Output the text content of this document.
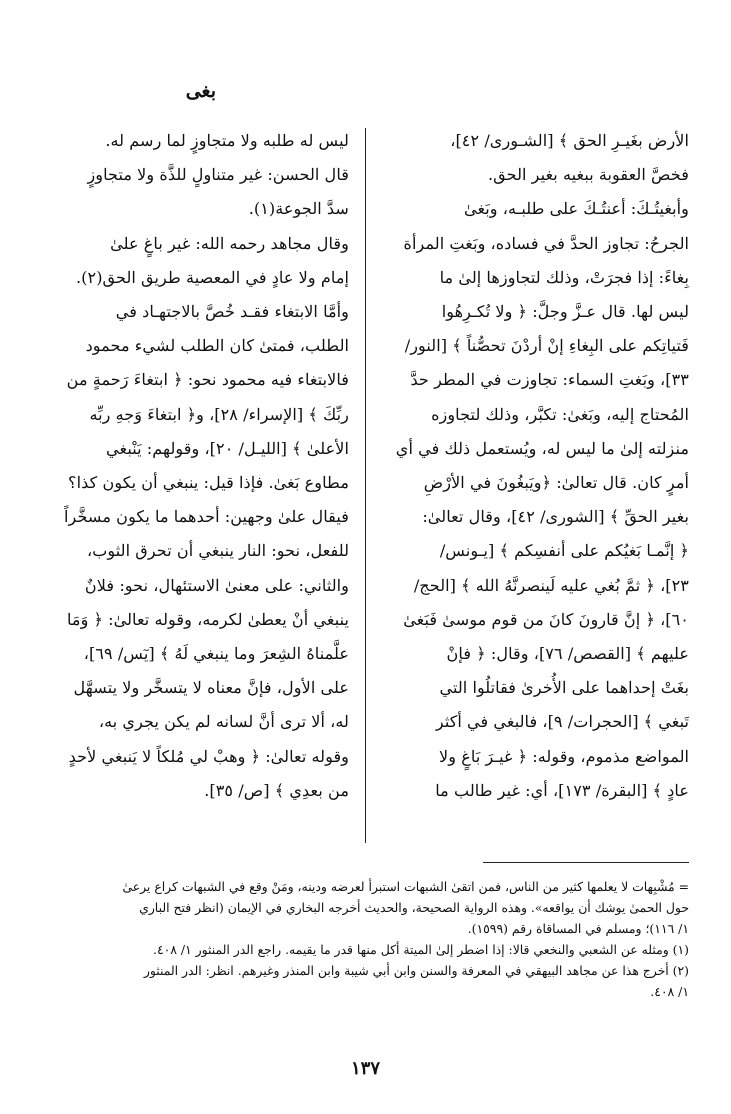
بغى
الأرض بغَيـرِ الحق ﴾ [الشـورى/ ٤٢]،
فخصَّ العقوبة ببغيه بغير الحق.
وأبغيتُـكَ: أعنتُـكَ على طلبـه، وبَغىٰ
الجرحُ: تجاوز الحدَّ في فساده، وبَغتِ المرأة
بِغاءً: إذا فجرَتْ، وذلك لتجاوزها إلىٰ ما
ليس لها. قال عـزَّ وجلَّ: ﴿ ولا تُكـرِهُوا
فَتياتِكم على البِغاءِ إنْ أردْنَ تحصُّناً ﴾ [النور/
٣٣]، وبَغتِ السماء: تجاوزت في المطر حدَّ
المُحتاج إليه، وبَغىٰ: تكبَّر، وذلك لتجاوزه
منزلته إلىٰ ما ليس له، ويُستعمل ذلك في أي
أمرٍ كان. قال تعالىٰ: ﴿ويَبغُونَ في الأرْضِ
بغير الحقِّ ﴾ [الشورى/ ٤٢]، وقال تعالىٰ:
﴿ إنَّمـا بَغيُكم على أنفسِكم ﴾ [يـونس/
٢٣]، ﴿ ثمَّ بُغي عليه لَينصرنَّهُ الله ﴾ [الحج/
٦٠]، ﴿ إنَّ قارونَ كانَ من قوم موسىٰ فَبَغىٰ
عليهم ﴾ [القصص/ ٧٦]، وقال: ﴿ فإنْ
بغَتْ إحداهما على الأُخرىٰ فقاتلُوا التي
تَبغي ﴾ [الحجرات/ ٩]، فالبغي في أكثر
المواضع مذموم، وقوله: ﴿ غيـرَ بَاغٍ ولا
عادٍ ﴾ [البقرة/ ١٧٣]، أي: غير طالب ما
ليس له طلبه ولا متجاوزٍ لما رسم له.
قال الحسن: غير متناولٍ للذَّة ولا متجاوزٍ
سدَّ الجوعة(١).
وقال مجاهد رحمه الله: غير باغٍ علىٰ
إمام ولا عادٍ في المعصية طريق الحق(٢).
وأمَّا الابتغاء فقـد خُصَّ بالاجتهـاد في
الطلب، فمتىٰ كان الطلب لشيء محمود
فالابتغاء فيه محمود نحو: ﴿ ابتغاءَ رَحمةٍ من
ربِّكَ ﴾ [الإسراء/ ٢٨]، و﴿ ابتغاءَ وَجهِ ربِّه
الأعلىٰ ﴾ [الليـل/ ٢٠]، وقولهم: يَنْبغي
مطاوع بَغىٰ. فإذا قيل: ينبغي أن يكون كذا؟
فيقال علىٰ وجهين: أحدهما ما يكون مسخَّراً
للفعل، نحو: النار ينبغي أن تحرق الثوب،
والثاني: على معنىٰ الاستئهال، نحو: فلانٌ
ينبغي أنْ يعطىٰ لكرمه، وقوله تعالىٰ: ﴿ وَمَا
علَّمناهُ الشِعرَ وما ينبغي لَهُ ﴾ [يٓس/ ٦٩]،
على الأول، فإنَّ معناه لا يتسخَّر ولا يتسهَّل
له، ألا ترى أنَّ لسانه لم يكن يجري به،
وقوله تعالىٰ: ﴿ وهبْ لي مُلكاً لا يَنبغي لأحدٍ
من بعدِي ﴾ [ص/ ٣٥].

= مُشْبِهات لا يعلمها كثير من الناس، فمن اتقىٰ الشبهات استبرأ لعرضه ودينه، ومَنْ وقع في الشبهات كراع يرعىٰ

حول الحمىٰ يوشك أن يواقعه». وهذه الرواية الصحيحة، والحديث أخرجه البخاري في الإيمان (انظر فتح الباري

١/ ١١٦)؛ ومسلم في المساقاة رقم (١٥٩٩).

(١) ومثله عن الشعبي والنخعي قالا: إذا اضطر إلىٰ الميتة أكل منها قدر ما يقيمه. راجع الدر المنثور ١/ ٤٠٨.

(٢) أخرج هذا عن مجاهد البيهقي في المعرفة والسنن وابن أبي شيبة وابن المنذر وغيرهم. انظر: الدر المنثور

١/ ٤٠٨.

١٣٧
